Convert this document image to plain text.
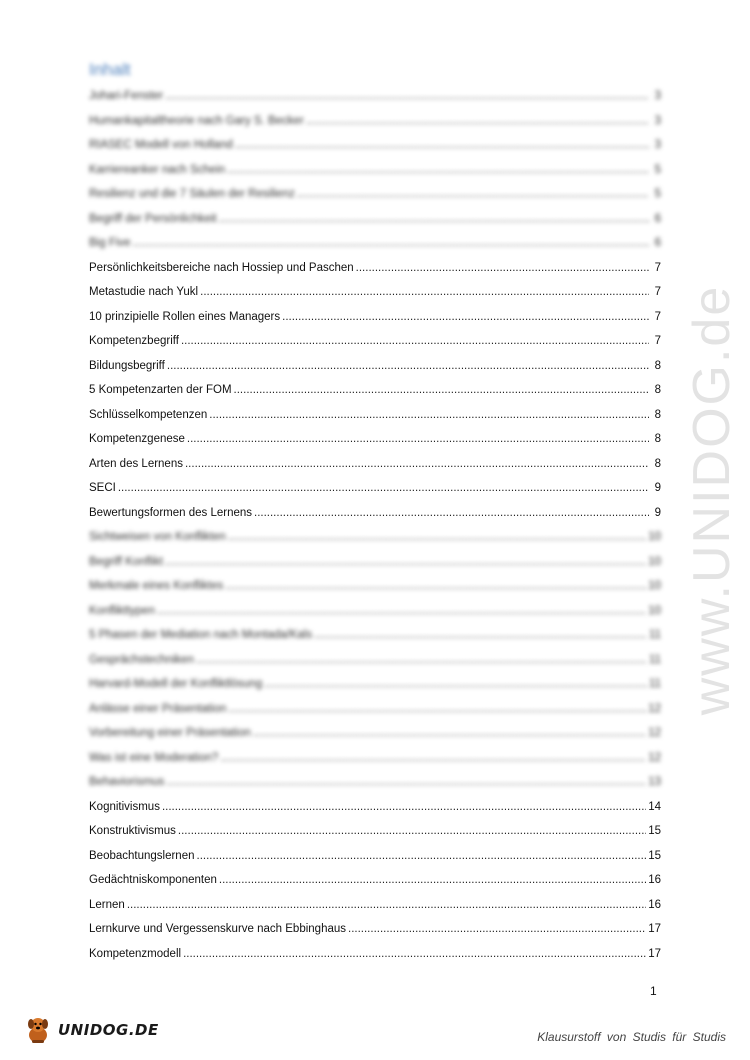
Inhalt
Johari-Fenster .....	3
Humankapitaltheorie nach Gary S. Becker .....	3
RIASEC Modell von Holland .....	3
Karriereanker nach Schein .....	5
Resilienz und die 7 Säulen der Resilienz .....	5
Begriff der Persönlichkeit .....	6
Big Five .....	6
Persönlichkeitsbereiche nach Hossiep und Paschen .....	7
Metastudie nach Yukl .....	7
10 prinzipielle Rollen eines Managers .....	7
Kompetenzbegriff .....	7
Bildungsbegriff .....	8
5 Kompetenzarten der FOM .....	8
Schlüsselkompetenzen .....	8
Kompetenzgenese .....	8
Arten des Lernens .....	8
SECI .....	9
Bewertungsformen des Lernens .....	9
Sichtweisen von Konflikten .....	10
Begriff Konflikt .....	10
Merkmale eines Konfliktes .....	10
Konflikttypen .....	10
5 Phasen der Mediation nach Montada/Kals .....	11
Gesprächstechniken .....	11
Harvard-Modell der Konfliktlösung .....	11
Anlässe einer Präsentation .....	12
Vorbereitung einer Präsentation .....	12
Was ist eine Moderation? .....	12
Behaviorismus .....	13
Kognitivismus .....	14
Konstruktivismus .....	15
Beobachtungslernen .....	15
Gedächtniskomponenten .....	16
Lernen .....	16
Lernkurve und Vergessenskurve nach Ebbinghaus .....	17
Kompetenzmodell .....	17
www.UNIDOG.de
1
UNIDOG.DE	Klausurstoff von Studis für Studis
